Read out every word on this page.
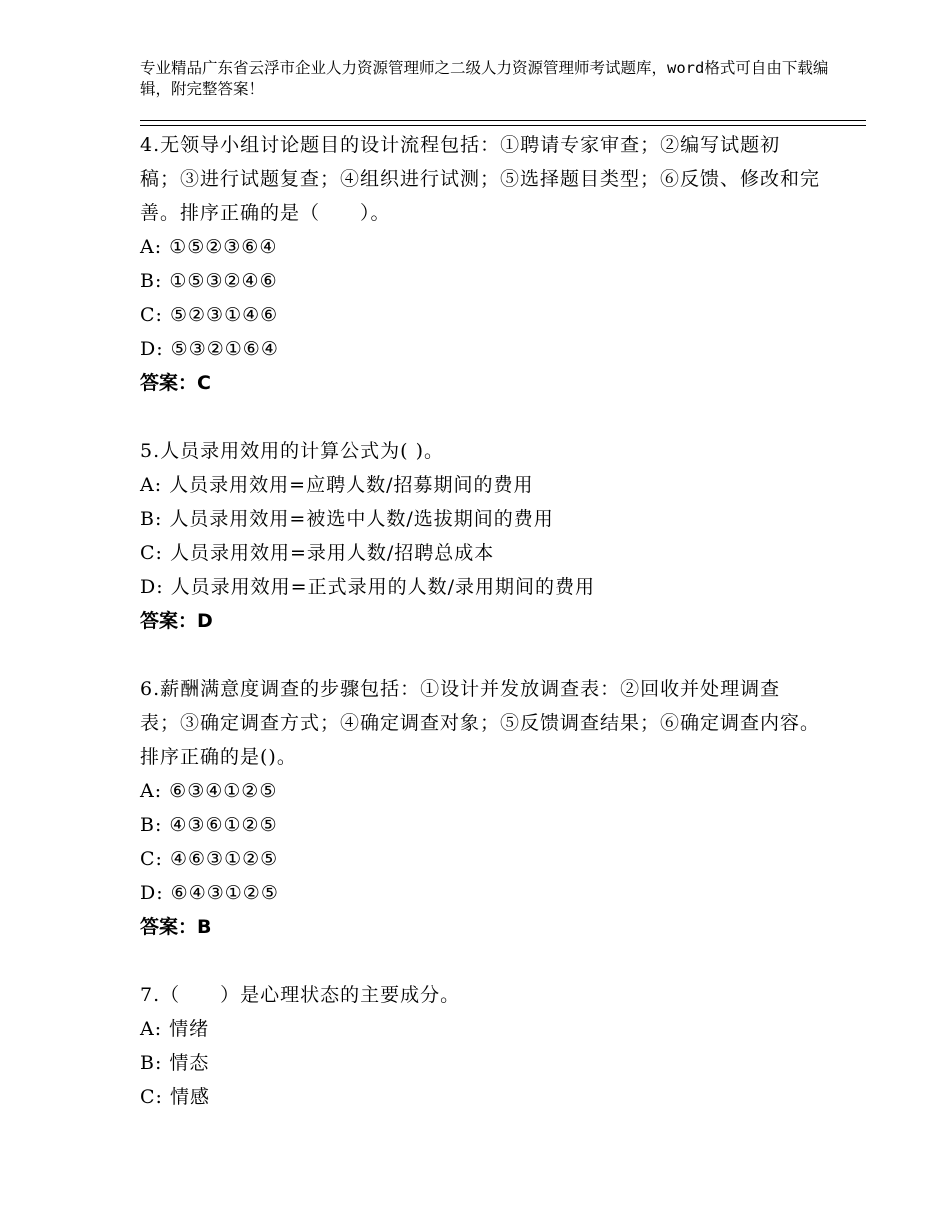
专业精品广东省云浮市企业人力资源管理师之二级人力资源管理师考试题库，word格式可自由下载编辑，附完整答案！
4.无领导小组讨论题目的设计流程包括：①聘请专家审查；②编写试题初稿；③进行试题复查；④组织进行试测；⑤选择题目类型；⑥反馈、修改和完善。排序正确的是（　　）。
A: ①⑤②③⑥④
B: ①⑤③②④⑥
C: ⑤②③①④⑥
D: ⑤③②①⑥④
答案：C
5.人员录用效用的计算公式为( )。
A: 人员录用效用=应聘人数/招募期间的费用
B: 人员录用效用=被选中人数/选拔期间的费用
C: 人员录用效用=录用人数/招聘总成本
D: 人员录用效用=正式录用的人数/录用期间的费用
答案：D
6.薪酬满意度调查的步骤包括：①设计并发放调查表：②回收并处理调查表；③确定调查方式；④确定调查对象；⑤反馈调查结果；⑥确定调查内容。排序正确的是()。
A: ⑥③④①②⑤
B: ④③⑥①②⑤
C: ④⑥③①②⑤
D: ⑥④③①②⑤
答案：B
7.（　　）是心理状态的主要成分。
A: 情绪
B: 情态
C: 情感
